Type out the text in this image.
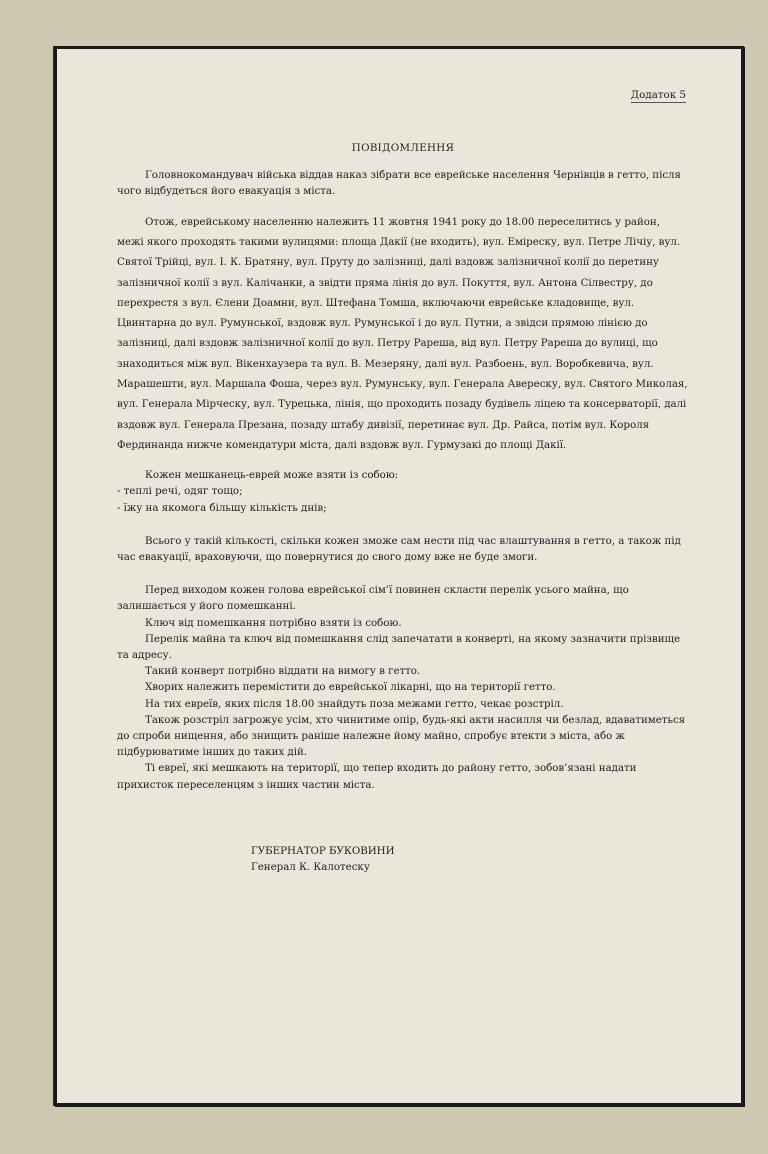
Додаток 5
ПОВІДОМЛЕННЯ

Головнокомандувач війська віддав наказ зібрати все еврейське населення Чернівців в гетто, після чого відбудеться його евакуація з міста.

Отож, еврейському населенню належить 11 жовтня 1941 року до 18.00 переселитись у район, межі якого проходять такими вулицями: площа Дакії (не входить), вул. Еміреску, вул. Петре Лічіу, вул. Святої Трійці, вул. І. К. Братяну, вул. Пруту до залізниці, далі вздовж залізничної колії до перетину залізничної колії з вул. Калічанки, а звідти пряма лінія до вул. Покуття, вул. Антона Сілвестру, до перехрестя з вул. Єлени Доамни, вул. Штефана Томша, включаючи еврейське кладовище, вул. Цвинтарна до вул. Румунської, вздовж вул. Румунської і до вул. Путни, а звідси прямою лінією до залізниці, далі вздовж залізничної колії до вул. Петру Рареша, від вул. Петру Рареша до вулиці, що знаходиться між вул. Вікенхаузера та вул. В. Мезеряну, далі вул. Разбоень, вул. Воробкевича, вул. Марашешти, вул. Маршала Фоша, через вул. Румунську, вул. Генерала Авереску, вул. Святого Миколая, вул. Генерала Мірческу, вул. Турецька, лінія, що проходить позаду будівель ліцею та консерваторії, далі вздовж вул. Генерала Презана, позаду штабу дивізії, перетинає вул. Др. Райса, потім вул. Короля Фердинанда нижче комендатури міста, далі вздовж вул. Гурмузакі до площі Дакії.

Кожен мешканець-еврей може взяти із собою:

- теплі речі, одяг тощо;
- їжу на якомога більшу кількість днів;

Всього у такій кількості, скільки кожен зможе сам нести під час влаштування в гетто, а також під час евакуації, враховуючи, що повернутися до свого дому вже не буде змоги.

Перед виходом кожен голова еврейської сім’ї повинен скласти перелік усього майна, що залишається у його помешканні.

Ключ від помешкання потрібно взяти із собою.

Перелік майна та ключ від помешкання слід запечатати в конверті, на якому зазначити прізвище та адресу.

Такий конверт потрібно віддати на вимогу в гетто.

Хворих належить перемістити до еврейської лікарні, що на території гетто.

На тих евреїв, яких після 18.00 знайдуть поза межами гетто, чекає розстріл.

Також розстріл загрожує усім, хто чинитиме опір, будь-які акти насилля чи безлад, вдаватиметься до спроби нищення, або знищить раніше належне йому майно, спробує втекти з міста, або ж підбурюватиме інших до таких дій.

Ті евреї, які мешкають на території, що тепер входить до району гетто, зобов’язані надати прихисток переселенцям з інших частин міста.

ГУБЕРНАТОР БУКОВИНИ
Генерал К. Калотеску
